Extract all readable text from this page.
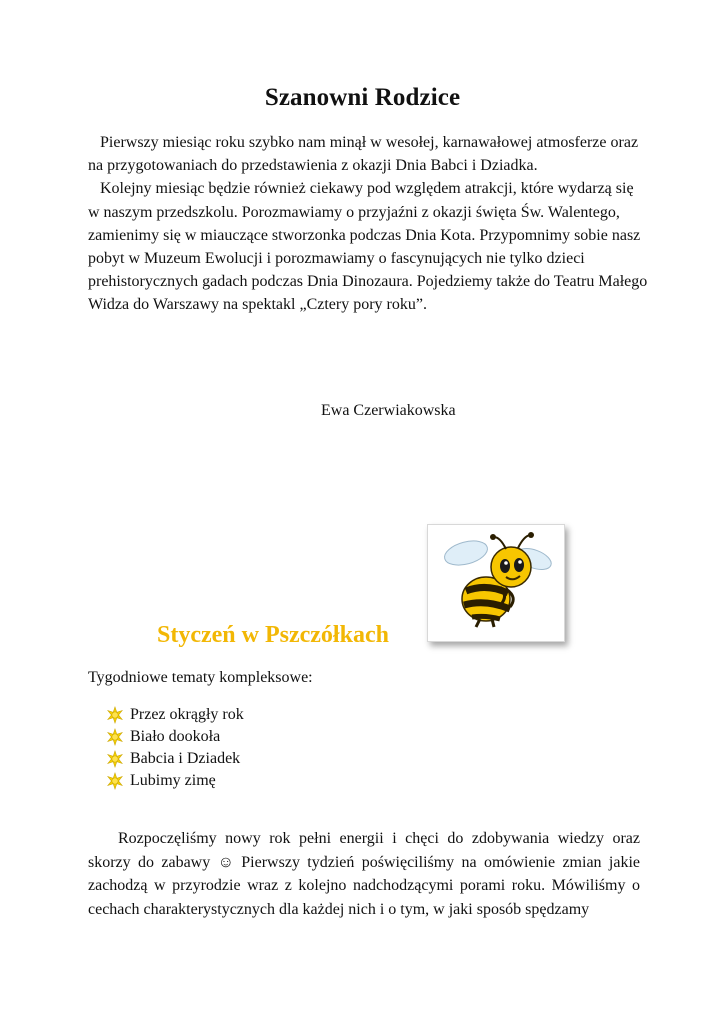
Szanowni Rodzice

Pierwszy miesiąc roku szybko nam minął w wesołej, karnawałowej atmosferze oraz na przygotowaniach do przedstawienia z okazji Dnia Babci i Dziadka.

Kolejny miesiąc będzie również ciekawy pod względem atrakcji, które wydarzą się w naszym przedszkolu. Porozmawiamy o przyjaźni z okazji święta Św. Walentego, zamienimy się w miauczące stworzonka podczas Dnia Kota. Przypomnimy sobie nasz pobyt w Muzeum Ewolucji i porozmawiamy o fascynujących nie tylko dzieci prehistorycznych gadach podczas Dnia Dinozaura. Pojedziemy także do Teatru Małego Widza do Warszawy na spektakl „Cztery pory roku”.

Ewa Czerwiakowska
Styczeń w Pszczółkach
Tygodniowe tematy kompleksowe:
Przez okrągły rok
Biało dookoła
Babcia i Dziadek
Lubimy zimę

Rozpoczęliśmy nowy rok pełni energii i chęci do zdobywania wiedzy oraz skorzy do zabawy ☺ Pierwszy tydzień poświęciliśmy na omówienie zmian jakie zachodzą w przyrodzie wraz z kolejno nadchodzącymi porami roku. Mówiliśmy o cechach charakterystycznych dla każdej nich i o tym, w jaki sposób spędzamy
